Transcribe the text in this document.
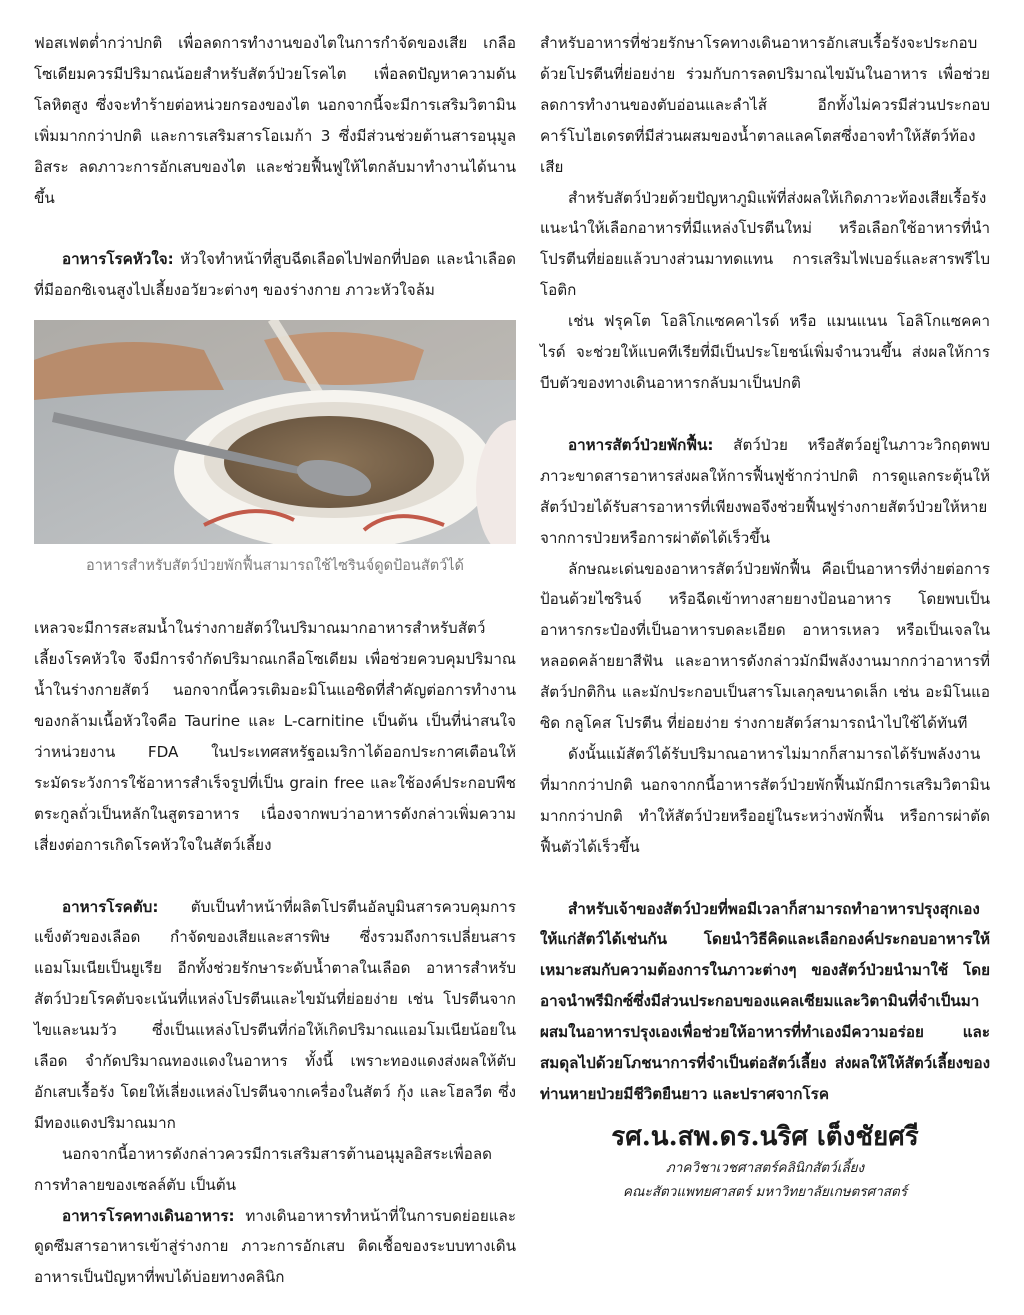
ฟอสเฟตต่ำกว่าปกติ เพื่อลดการทำงานของไตในการกำจัดของเสีย เกลือโซเดียมควรมีปริมาณน้อยสำหรับสัตว์ป่วยโรคไต เพื่อลดปัญหาความดันโลหิตสูง ซึ่งจะทำร้ายต่อหน่วยกรองของไต นอกจากนี้จะมีการเสริมวิตามินเพิ่มมากกว่าปกติ และการเสริมสารโอเมก้า 3 ซึ่งมีส่วนช่วยต้านสารอนุมูลอิสระ ลดภาวะการอักเสบของไต และช่วยฟื้นฟูให้ไตกลับมาทำงานได้นานขึ้น

อาหารโรคหัวใจ: หัวใจทำหน้าที่สูบฉีดเลือดไปฟอกที่ปอด และนำเลือดที่มีออกซิเจนสูงไปเลี้ยงอวัยวะต่างๆ ของร่างกาย ภาวะหัวใจล้ม

อาหารสำหรับสัตว์ป่วยพักฟื้นสามารถใช้ไซรินจ์ดูดป้อนสัตว์ได้

เหลวจะมีการสะสมน้ำในร่างกายสัตว์ในปริมาณมากอาหารสำหรับสัตว์เลี้ยงโรคหัวใจ จึงมีการจำกัดปริมาณเกลือโซเดียม เพื่อช่วยควบคุมปริมาณน้ำในร่างกายสัตว์ นอกจากนี้ควรเติมอะมิโนแอซิดที่สำคัญต่อการทำงานของกล้ามเนื้อหัวใจคือ Taurine และ L-carnitine เป็นต้น เป็นที่น่าสนใจว่าหน่วยงาน FDA ในประเทศสหรัฐอเมริกาได้ออกประกาศเตือนให้ระมัดระวังการใช้อาหารสำเร็จรูปที่เป็น grain free และใช้องค์ประกอบพืชตระกูลถั่วเป็นหลักในสูตรอาหาร เนื่องจากพบว่าอาหารดังกล่าวเพิ่มความเสี่ยงต่อการเกิดโรคหัวใจในสัตว์เลี้ยง

อาหารโรคตับ: ตับเป็นทำหน้าที่ผลิตโปรตีนอัลบูมินสารควบคุมการแข็งตัวของเลือด กำจัดของเสียและสารพิษ ซึ่งรวมถึงการเปลี่ยนสารแอมโมเนียเป็นยูเรีย อีกทั้งช่วยรักษาระดับน้ำตาลในเลือด อาหารสำหรับสัตว์ป่วยโรคตับจะเน้นที่แหล่งโปรตีนและไขมันที่ย่อยง่าย เช่น โปรตีนจากไขและนมวัว ซึ่งเป็นแหล่งโปรตีนที่ก่อให้เกิดปริมาณแอมโมเนียน้อยในเลือด จำกัดปริมาณทองแดงในอาหาร ทั้งนี้ เพราะทองแดงส่งผลให้ตับอักเสบเรื้อรัง โดยให้เลี่ยงแหล่งโปรตีนจากเครื่องในสัตว์ กุ้ง และโฮลวีต ซึ่งมีทองแดงปริมาณมาก

นอกจากนี้อาหารดังกล่าวควรมีการเสริมสารต้านอนุมูลอิสระเพื่อลดการทำลายของเซลล์ตับ เป็นต้น

อาหารโรคทางเดินอาหาร: ทางเดินอาหารทำหน้าที่ในการบดย่อยและดูดซึมสารอาหารเข้าสู่ร่างกาย ภาวะการอักเสบ ติดเชื้อของระบบทางเดินอาหารเป็นปัญหาที่พบได้บ่อยทางคลินิก

สำหรับอาหารที่ช่วยรักษาโรคทางเดินอาหารอักเสบเรื้อรังจะประกอบด้วยโปรตีนที่ย่อยง่าย ร่วมกับการลดปริมาณไขมันในอาหาร เพื่อช่วยลดการทำงานของตับอ่อนและลำไส้ อีกทั้งไม่ควรมีส่วนประกอบคาร์โบไฮเดรตที่มีส่วนผสมของน้ำตาลแลคโตสซึ่งอาจทำให้สัตว์ท้องเสีย

สำหรับสัตว์ป่วยด้วยปัญหาภูมิแพ้ที่ส่งผลให้เกิดภาวะท้องเสียเรื้อรัง แนะนำให้เลือกอาหารที่มีแหล่งโปรตีนใหม่ หรือเลือกใช้อาหารที่นำโปรตีนที่ย่อยแล้วบางส่วนมาทดแทน การเสริมไฟเบอร์และสารพรีไบโอติก

เช่น ฟรุคโต โอลิโกแซคคาไรด์ หรือ แมนแนน โอลิโกแซคคาไรด์ จะช่วยให้แบคทีเรียที่มีเป็นประโยชน์เพิ่มจำนวนขึ้น ส่งผลให้การบีบตัวของทางเดินอาหารกลับมาเป็นปกติ

อาหารสัตว์ป่วยพักฟื้น: สัตว์ป่วย หรือสัตว์อยู่ในภาวะวิกฤตพบภาวะขาดสารอาหารส่งผลให้การฟื้นฟูช้ากว่าปกติ การดูแลกระตุ้นให้สัตว์ป่วยได้รับสารอาหารที่เพียงพอจึงช่วยฟื้นฟูร่างกายสัตว์ป่วยให้หายจากการป่วยหรือการผ่าตัดได้เร็วขึ้น

ลักษณะเด่นของอาหารสัตว์ป่วยพักฟื้น คือเป็นอาหารที่ง่ายต่อการป้อนด้วยไซรินจ์ หรือฉีดเข้าทางสายยางป้อนอาหาร โดยพบเป็นอาหารกระป๋องที่เป็นอาหารบดละเอียด อาหารเหลว หรือเป็นเจลในหลอดคล้ายยาสีฟัน และอาหารดังกล่าวมักมีพลังงานมากกว่าอาหารที่สัตว์ปกติกิน และมักประกอบเป็นสารโมเลกุลขนาดเล็ก เช่น อะมิโนแอซิด กลูโคส โปรตีน ที่ย่อยง่าย ร่างกายสัตว์สามารถนำไปใช้ได้ทันที

ดังนั้นแม้สัตว์ได้รับปริมาณอาหารไม่มากก็สามารถได้รับพลังงานที่มากกว่าปกติ นอกจากกนี้อาหารสัตว์ป่วยพักฟื้นมักมีการเสริมวิตามินมากกว่าปกติ ทำให้สัตว์ป่วยหรืออยู่ในระหว่างพักฟื้น หรือการผ่าตัด ฟื้นตัวได้เร็วขึ้น

สำหรับเจ้าของสัตว์ป่วยที่พอมีเวลาก็สามารถทำอาหารปรุงสุกเองให้แก่สัตว์ได้เช่นกัน โดยนำวิธีคิดและเลือกองค์ประกอบอาหารให้เหมาะสมกับความต้องการในภาวะต่างๆ ของสัตว์ป่วยนำมาใช้ โดยอาจนำพรีมิกซ์ซึ่งมีส่วนประกอบของแคลเซียมและวิตามินที่จำเป็นมาผสมในอาหารปรุงเองเพื่อช่วยให้อาหารที่ทำเองมีความอร่อย และสมดุลไปด้วยโภชนาการที่จำเป็นต่อสัตว์เลี้ยง ส่งผลให้ให้สัตว์เลี้ยงของท่านหายป่วยมีชีวิตยืนยาว และปราศจากโรค

รศ.น.สพ.ดร.นริศ เต็งชัยศรี
ภาควิชาเวชศาสตร์คลินิกสัตว์เลี้ยง
คณะสัตวแพทยศาสตร์ มหาวิทยาลัยเกษตรศาสตร์
